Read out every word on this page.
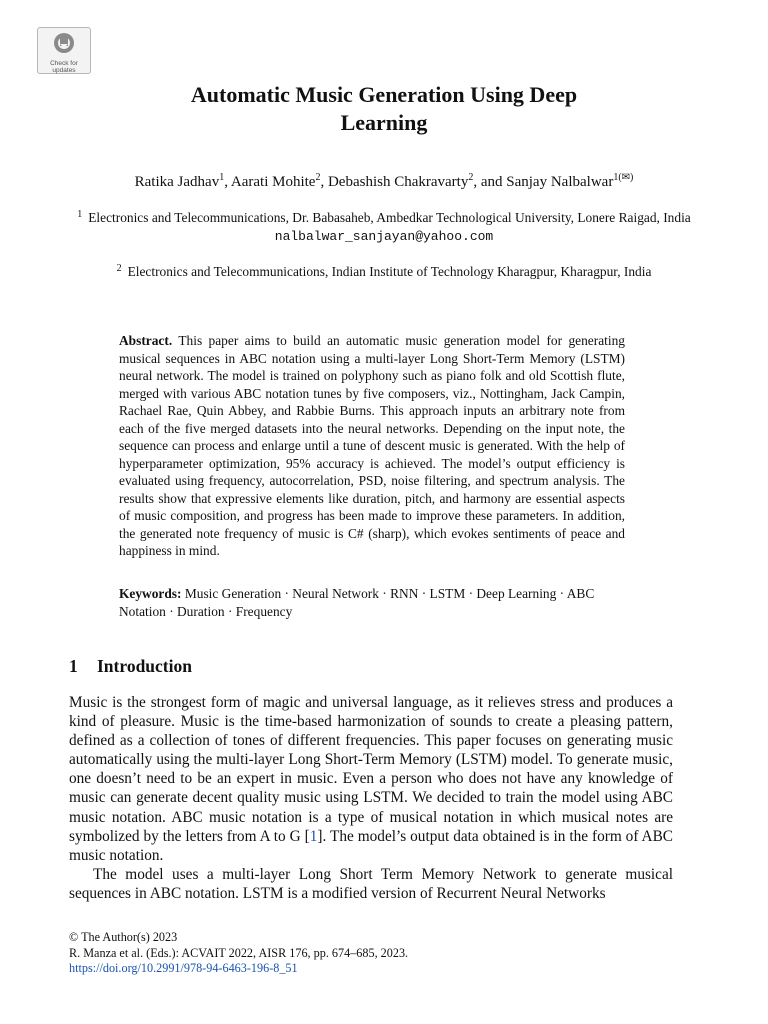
Check for updates
Automatic Music Generation Using Deep
Learning
Ratika Jadhav$^1$, Aarati Mohite$^2$, Debashish Chakravarty$^2$, and Sanjay Nalbalwar$^{1(✉)}$
$^1$ Electronics and Telecommunications, Dr. Babasaheb, Ambedkar Technological University, Lonere Raigad, India
nalbalwar_sanjayan@yahoo.com
$^2$ Electronics and Telecommunications, Indian Institute of Technology Kharagpur, Kharagpur, India
Abstract. This paper aims to build an automatic music generation model for generating musical sequences in ABC notation using a multi-layer Long Short-Term Memory (LSTM) neural network. The model is trained on polyphony such as piano folk and old Scottish flute, merged with various ABC notation tunes by five composers, viz., Nottingham, Jack Campin, Rachael Rae, Quin Abbey, and Rabbie Burns. This approach inputs an arbitrary note from each of the five merged datasets into the neural networks. Depending on the input note, the sequence can process and enlarge until a tune of descent music is generated. With the help of hyperparameter optimization, 95% accuracy is achieved. The model’s output efficiency is evaluated using frequency, autocorrelation, PSD, noise filtering, and spectrum analysis. The results show that expressive elements like duration, pitch, and harmony are essential aspects of music composition, and progress has been made to improve these parameters. In addition, the generated note frequency of music is C# (sharp), which evokes sentiments of peace and happiness in mind.
Keywords: Music Generation · Neural Network · RNN · LSTM · Deep Learning · ABC Notation · Duration · Frequency
1 Introduction

Music is the strongest form of magic and universal language, as it relieves stress and produces a kind of pleasure. Music is the time-based harmonization of sounds to create a pleasing pattern, defined as a collection of tones of different frequencies. This paper focuses on generating music automatically using the multi-layer Long Short-Term Memory (LSTM) model. To generate music, one doesn’t need to be an expert in music. Even a person who does not have any knowledge of music can generate decent quality music using LSTM. We decided to train the model using ABC music notation. ABC music notation is a type of musical notation in which musical notes are symbolized by the letters from A to G [1]. The model’s output data obtained is in the form of ABC music notation.

The model uses a multi-layer Long Short Term Memory Network to generate musical sequences in ABC notation. LSTM is a modified version of Recurrent Neural Networks

© The Author(s) 2023
R. Manza et al. (Eds.): ACVAIT 2022, AISR 176, pp. 674–685, 2023.
https://doi.org/10.2991/978-94-6463-196-8_51
